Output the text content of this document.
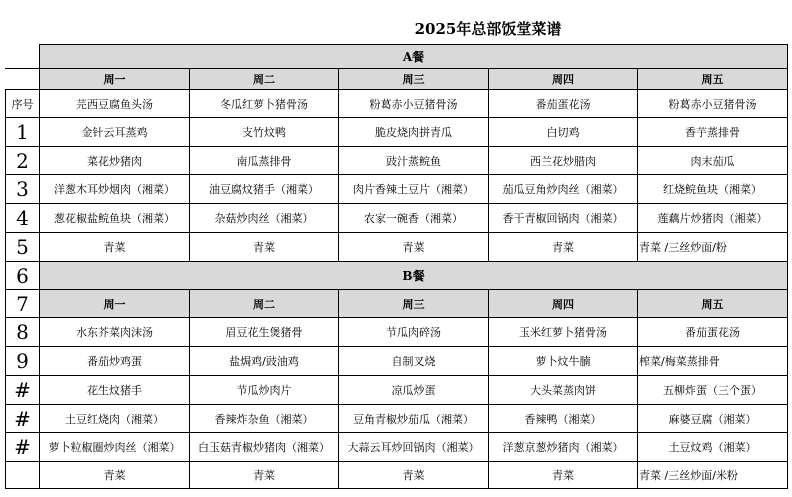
2025年总部饭堂菜谱
	A餐				
	周一	周二	周三	周四	周五
序号	芫西豆腐鱼头汤	冬瓜红萝卜猪骨汤	粉葛赤小豆猪骨汤	番茄蛋花汤	粉葛赤小豆猪骨汤
1	金针云耳蒸鸡	支竹炆鸭	脆皮烧肉拼青瓜	白切鸡	香芋蒸排骨
2	菜花炒猪肉	南瓜蒸排骨	豉汁蒸鲩鱼	西兰花炒腊肉	肉末茄瓜
3	洋葱木耳炒烟肉（湘菜）	油豆腐炆猪手（湘菜）	肉片香辣土豆片（湘菜）	茄瓜豆角炒肉丝（湘菜）	红烧鲩鱼块（湘菜）
4	葱花椒盐鲩鱼块（湘菜）	杂菇炒肉丝（湘菜）	农家一碗香（湘菜）	香干青椒回锅肉（湘菜）	莲藕片炒猪肉（湘菜）
5	青菜	青菜	青菜	青菜	青菜 /三丝炒面/粉
6	B餐				
7	周一	周二	周三	周四	周五
8	水东芥菜肉沫汤	眉豆花生煲猪骨	节瓜肉碎汤	玉米红萝卜猪骨汤	番茄蛋花汤
9	番茄炒鸡蛋	盐焗鸡/豉油鸡	自制叉烧	萝卜炆牛腩	榨菜/梅菜蒸排骨
#	花生炆猪手	节瓜炒肉片	凉瓜炒蛋	大头菜蒸肉饼	五柳炸蛋（三个蛋）
#	土豆红烧肉（湘菜）	香辣炸杂鱼（湘菜）	豆角青椒炒茄瓜（湘菜）	香辣鸭（湘菜）	麻婆豆腐（湘菜）
#	萝卜粒椒圈炒肉丝（湘菜）	白玉菇青椒炒猪肉（湘菜）	大蒜云耳炒回锅肉（湘菜）	洋葱京葱炒猪肉（湘菜）	土豆炆鸡（湘菜）
	青菜	青菜	青菜	青菜	青菜 /三丝炒面/米粉
